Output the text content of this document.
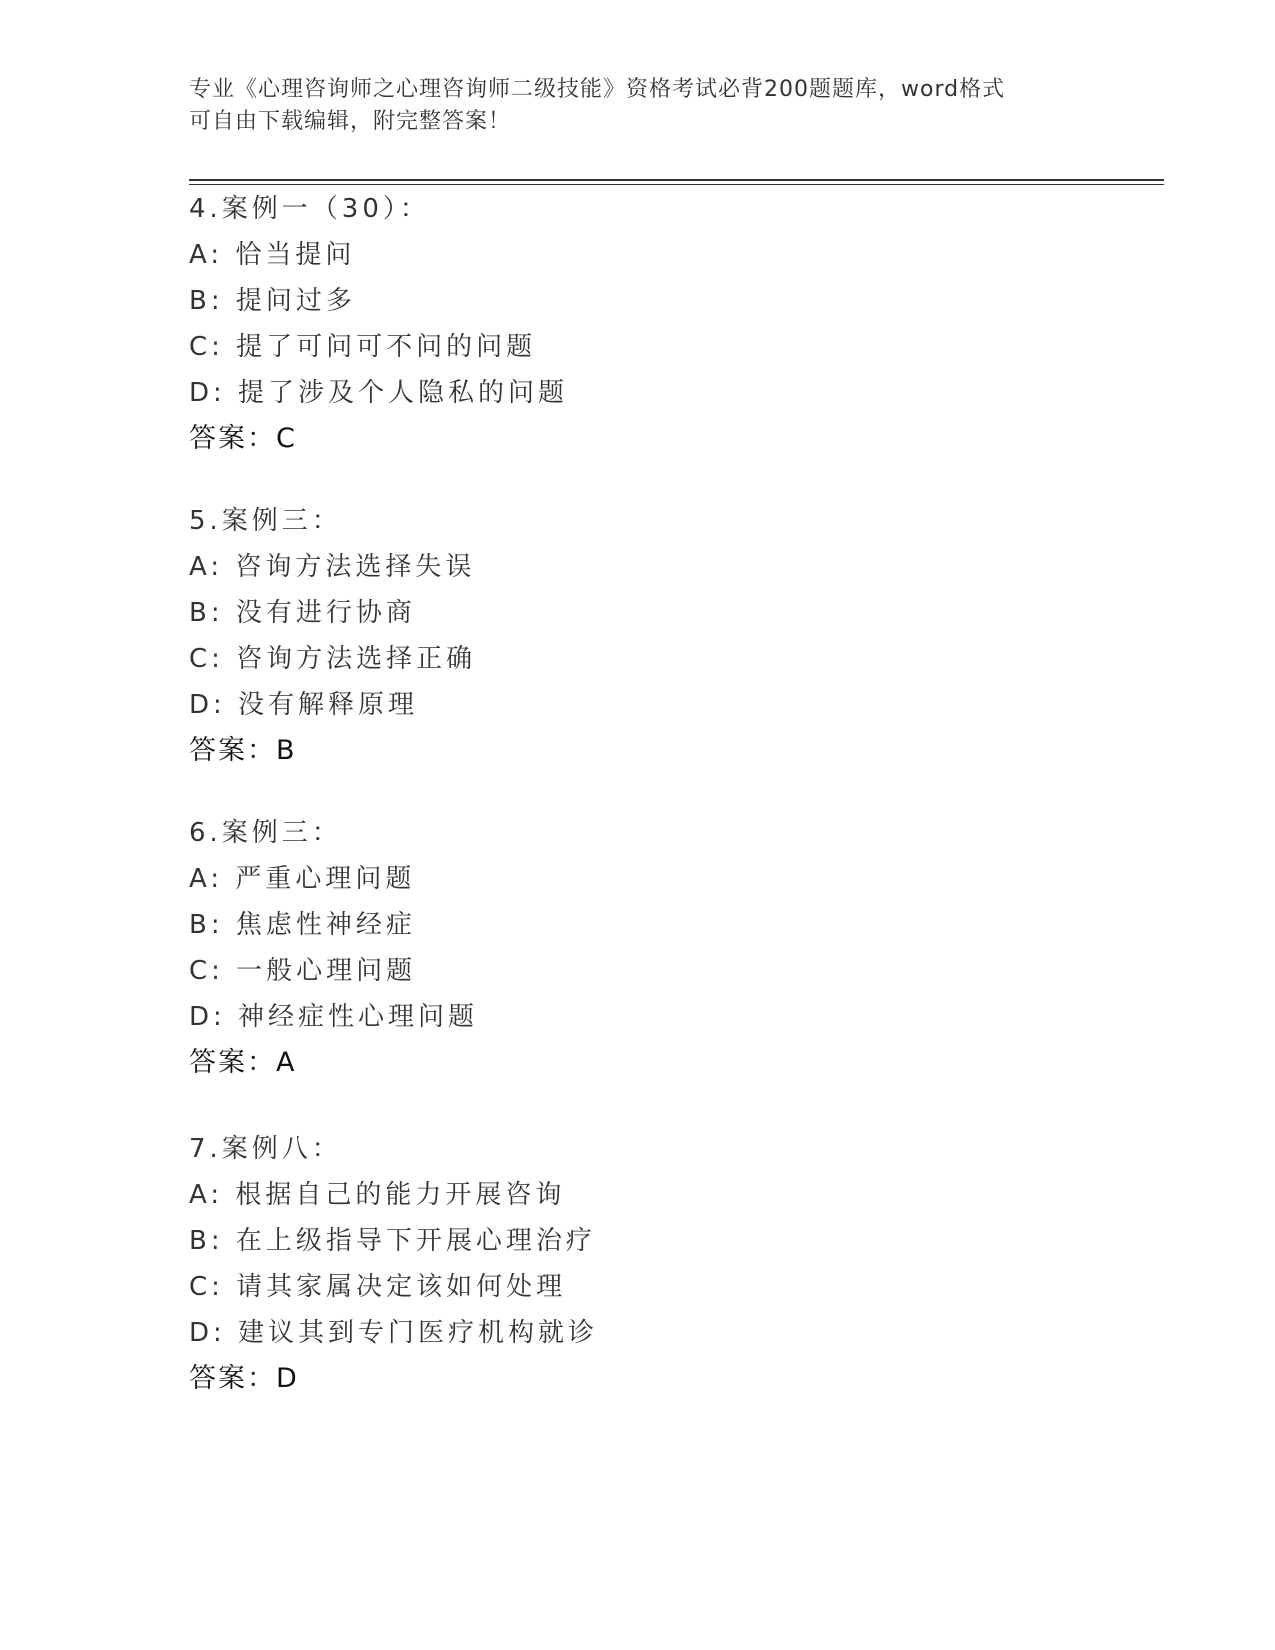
专业《心理咨询师之心理咨询师二级技能》资格考试必背200题题库，word格式
可自由下载编辑，附完整答案！
4.案例一（30）：
A: 恰当提问
B: 提问过多
C: 提了可问可不问的问题
D: 提了涉及个人隐私的问题
答案：C
5.案例三：
A: 咨询方法选择失误
B: 没有进行协商
C: 咨询方法选择正确
D: 没有解释原理
答案：B
6.案例三：
A: 严重心理问题
B: 焦虑性神经症
C: 一般心理问题
D: 神经症性心理问题
答案：A
7.案例八：
A: 根据自己的能力开展咨询
B: 在上级指导下开展心理治疗
C: 请其家属决定该如何处理
D: 建议其到专门医疗机构就诊
答案：D
